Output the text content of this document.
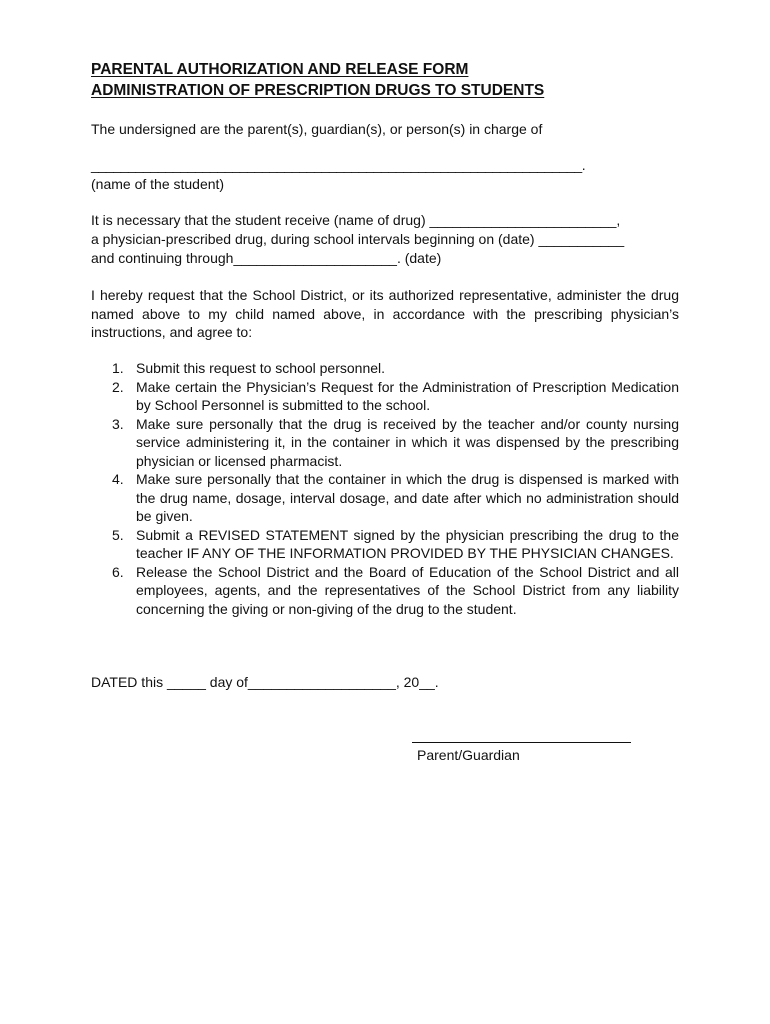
PARENTAL AUTHORIZATION AND RELEASE FORM
ADMINISTRATION OF PRESCRIPTION DRUGS TO STUDENTS
The undersigned are the parent(s), guardian(s), or person(s) in charge of
__________________________________________________________________.
(name of the student)
It is necessary that the student receive (name of drug) ________________________,
a physician-prescribed drug, during school intervals beginning on (date) ___________
and continuing through_____________________. (date)

I hereby request that the School District, or its authorized representative, administer the drug named above to my child named above, in accordance with the prescribing physician’s instructions, and agree to:

1. Submit this request to school personnel.
2. Make certain the Physician’s Request for the Administration of Prescription Medication by School Personnel is submitted to the school.
3. Make sure personally that the drug is received by the teacher and/or county nursing service administering it, in the container in which it was dispensed by the prescribing physician or licensed pharmacist.
4. Make sure personally that the container in which the drug is dispensed is marked with the drug name, dosage, interval dosage, and date after which no administration should be given.
5. Submit a REVISED STATEMENT signed by the physician prescribing the drug to the teacher IF ANY OF THE INFORMATION PROVIDED BY THE PHYSICIAN CHANGES.
6. Release the School District and the Board of Education of the School District and all employees, agents, and the representatives of the School District from any liability concerning the giving or non-giving of the drug to the student.
DATED this _____ day of___________________, 20__.
Parent/Guardian
